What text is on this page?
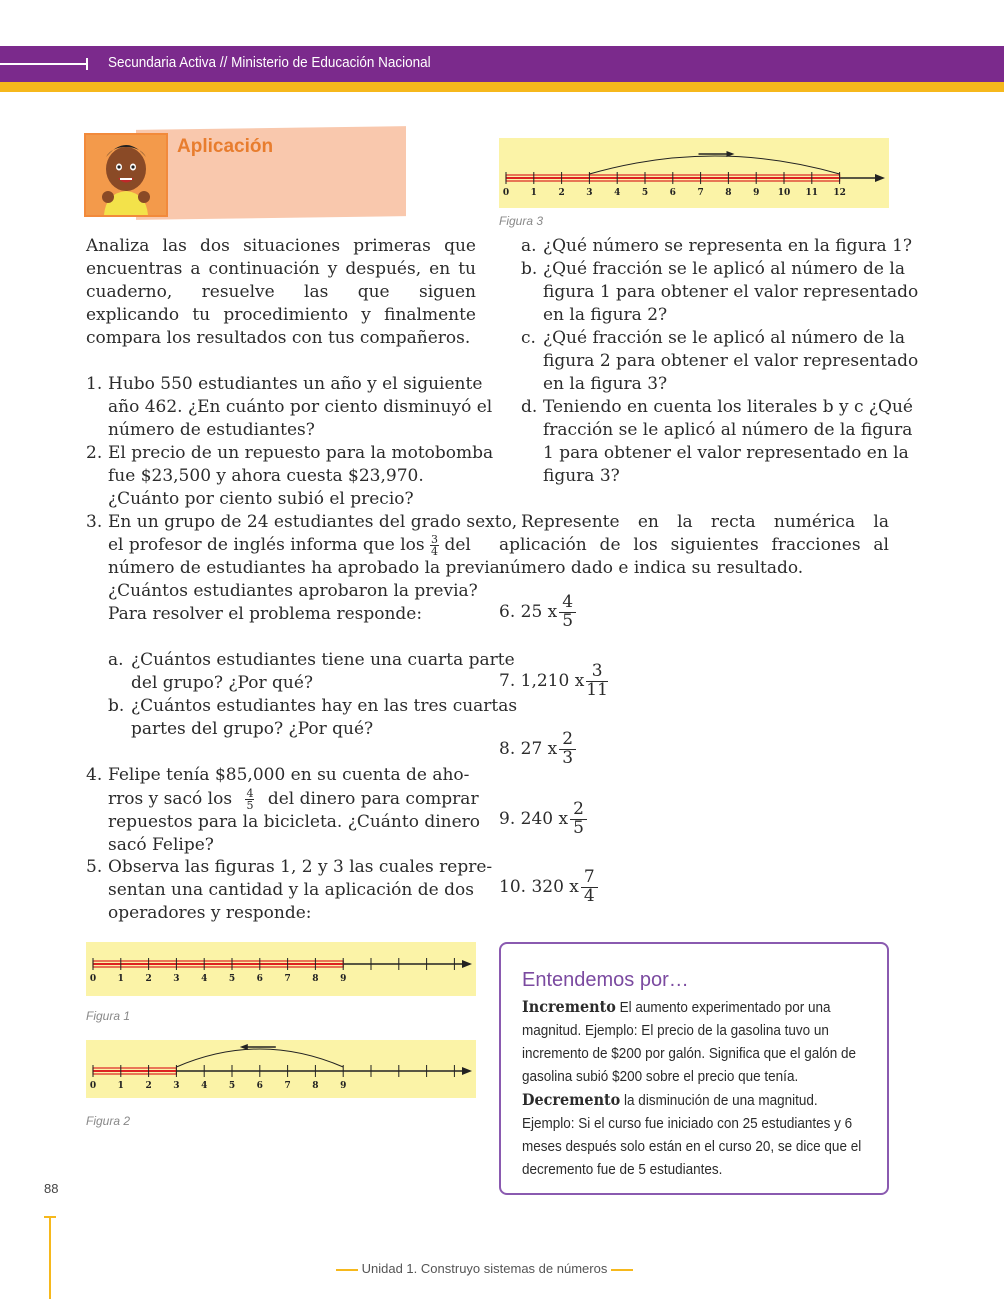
Secundaria Activa // Ministerio de Educación Nacional
Aplicación
Analiza las dos situaciones primeras que encuentras a continuación y después, en tu cuaderno, resuelve las que siguen explicando tu procedimiento y finalmente compara los resultados con tus compañeros.
1. Hubo 550 estudiantes un año y el siguiente
año 462. ¿En cuánto por ciento disminuyó el
número de estudiantes?
2. El precio de un repuesto para la motobomba
fue $23,500 y ahora cuesta $23,970.
¿Cuánto por ciento subió el precio?
3. En un grupo de 24 estudiantes del grado sexto,
el profesor de inglés informa que los $\frac{3}{4}$ del
número de estudiantes ha aprobado la previa.
¿Cuántos estudiantes aprobaron la previa?
Para resolver el problema responde:
a. ¿Cuántos estudiantes tiene una cuarta parte
del grupo? ¿Por qué?
b. ¿Cuántos estudiantes hay en las tres cuartas
partes del grupo? ¿Por qué?
4. Felipe tenía $85,000 en su cuenta de aho-
rros y sacó los $\frac{4}{5}$ del dinero para comprar
repuestos para la bicicleta. ¿Cuánto dinero
sacó Felipe?
5. Observa las figuras 1, 2 y 3 las cuales repre-
sentan una cantidad y la aplicación de dos
operadores y responde:
0 1 2 3 4 5 6 7 8 9
Figura 1
0 1 2 3 4 5 6 7 8 9
Figura 2
0 1 2 3 4 5 6 7 8 9 10 11 12
Figura 3
a. ¿Qué número se representa en la figura 1?
b. ¿Qué fracción se le aplicó al número de la
figura 1 para obtener el valor representado
en la figura 2?
c. ¿Qué fracción se le aplicó al número de la
figura 2 para obtener el valor representado
en la figura 3?
d. Teniendo en cuenta los literales b y c ¿Qué
fracción se le aplicó al número de la figura
1 para obtener el valor representado en la
figura 3?
Represente en la recta numérica la aplicación de los siguientes fracciones al número dado e indica su resultado.
6. 25 x $\frac{4}{5}$
7. 1,210 x $\frac{3}{11}$
8. 27 x $\frac{2}{3}$
9. 240 x $\frac{2}{5}$
10. 320 x $\frac{7}{4}$
Entendemos por…
Incremento El aumento experimentado por una
magnitud. Ejemplo: El precio de la gasolina tuvo un
incremento de $200 por galón. Significa que el galón de
gasolina subió $200 sobre el precio que tenía.
Decremento la disminución de una magnitud.
Ejemplo: Si el curso fue iniciado con 25 estudiantes y 6
meses después solo están en el curso 20, se dice que el
decremento fue de 5 estudiantes.
88
Unidad 1. Construyo sistemas de números
